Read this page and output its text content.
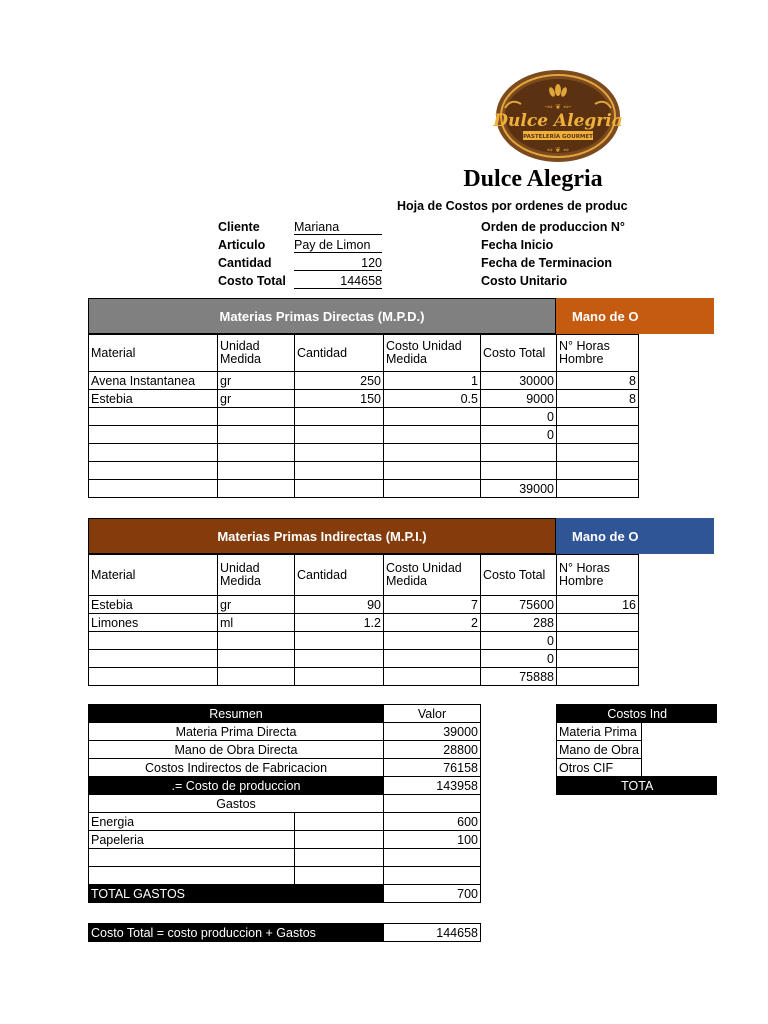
-∾ ❦ ∾-
Dulce Alegria
PASTELERÍA GOURMET
∾ ❦ ∾
Dulce Alegria
Hoja de Costos por ordenes de produc
Cliente	Mariana
Articulo Pay de Limon
Cantidad	120
Costo Total	144658
Orden de produccion N°
Fecha Inicio
Fecha de Terminacion
Costo Unitario
Materias Primas Directas (M.P.D.)	Mano de O
Material	Unidad Medida	Cantidad	Costo Unidad Medida	Costo Total	N° Horas Hombre
Avena Instantanea	gr	250	1	30000	8
Estebia	gr	150	0.5	9000	8
				0	
				0	

				39000	
Materias Primas Indirectas (M.P.I.)	Mano de O
Material	Unidad Medida	Cantidad	Costo Unidad Medida	Costo Total	N° Horas Hombre
Estebia	gr	90	7	75600	16
Limones	ml	1.2	2	288	
				0	
				0	
				75888	
Resumen		Valor
Materia Prima Directa		39000
Mano de Obra Directa		28800
Costos Indirectos de Fabricacion		76158
.= Costo de produccion		143958
Gastos		
Energia		600
Papeleria		100

TOTAL GASTOS		700
Costo Total = costo produccion + Gastos	144658
Costos Ind	
Materia Prima	
Mano de Obra	
Otros CIF	
TOTA	
